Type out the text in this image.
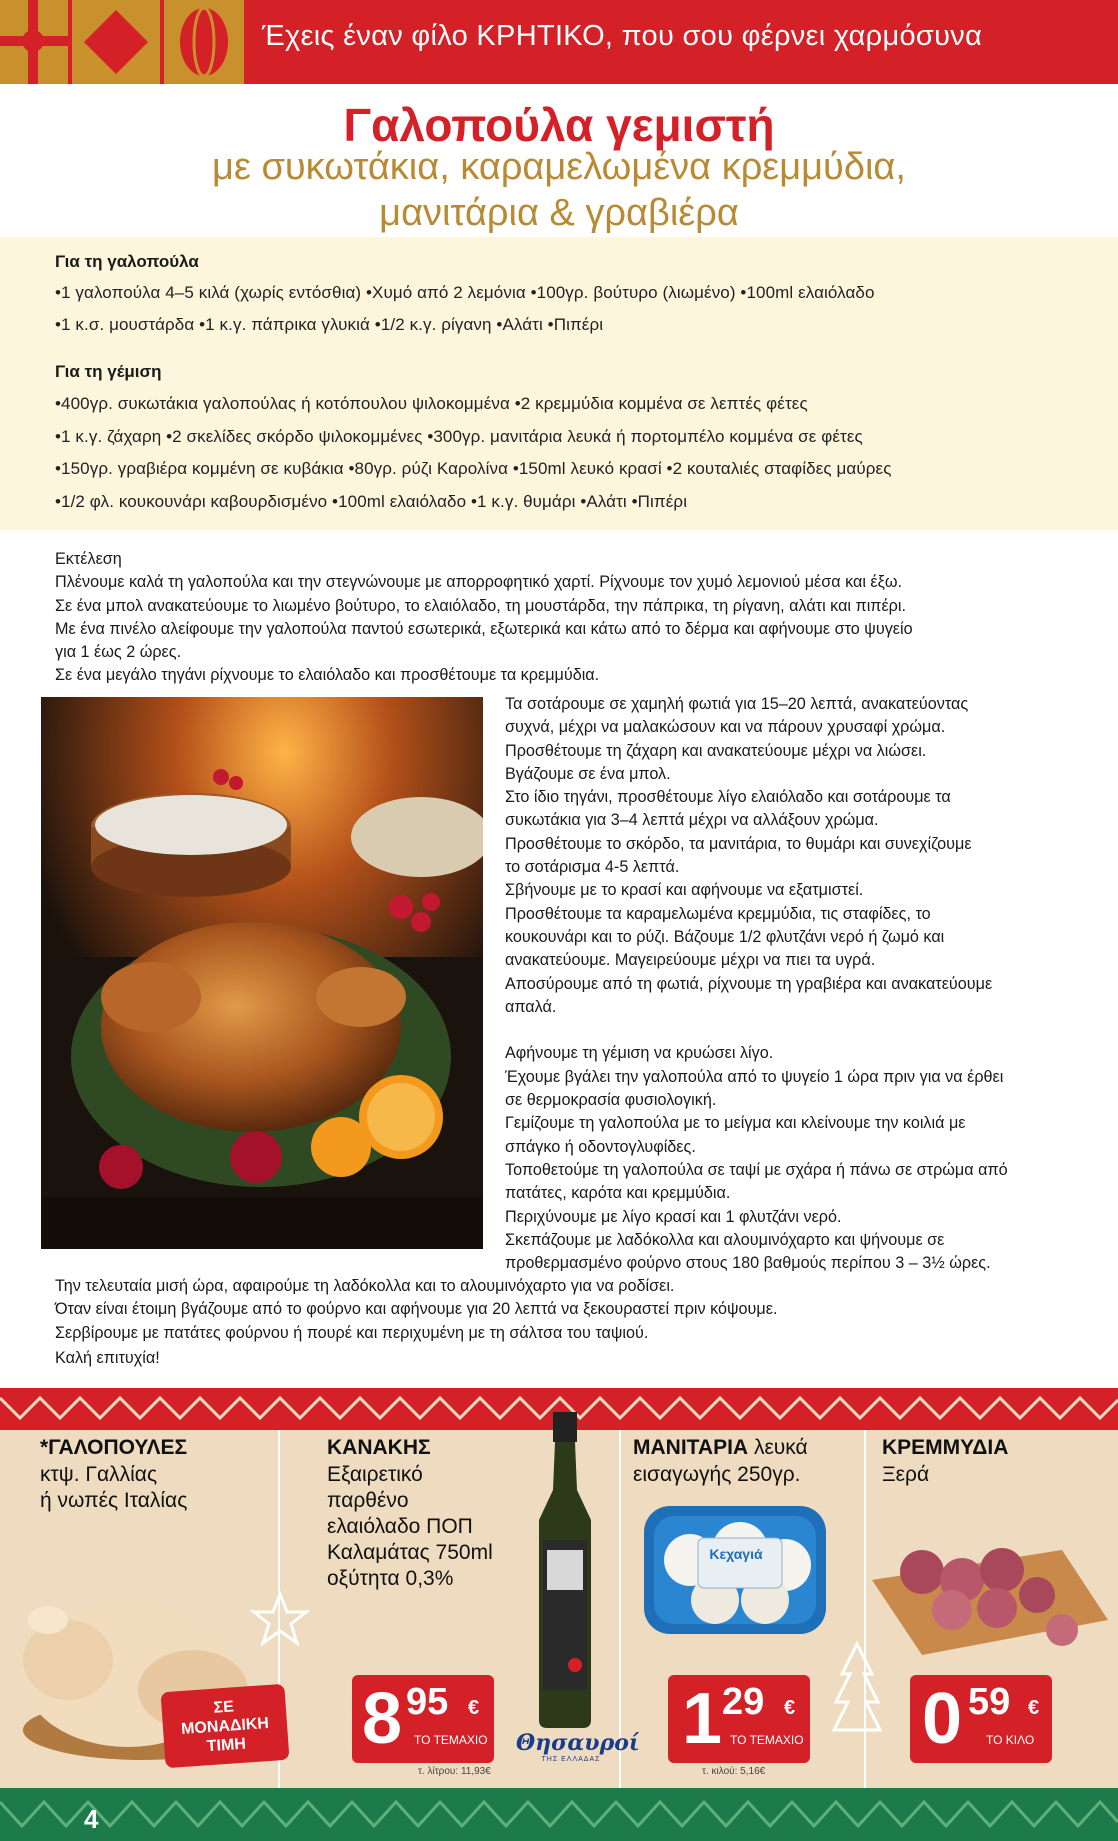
Έχεις έναν φίλο ΚΡΗΤΙΚΟ, που σου φέρνει χαρμόσυνα
Γαλοπούλα γεμιστή
με συκωτάκια, καραμελωμένα κρεμμύδια,
μανιτάρια & γραβιέρα
Για τη γαλοπούλα
•1 γαλοπούλα 4–5 κιλά (χωρίς εντόσθια) •Χυμό από 2 λεμόνια •100γρ. βούτυρο (λιωμένο) •100ml ελαιόλαδο
•1 κ.σ. μουστάρδα •1 κ.γ. πάπρικα γλυκιά •1/2 κ.γ. ρίγανη •Αλάτι •Πιπέρι
Για τη γέμιση
•400γρ. συκωτάκια γαλοπούλας ή κοτόπουλου ψιλοκομμένα •2 κρεμμύδια κομμένα σε λεπτές φέτες
•1 κ.γ. ζάχαρη •2 σκελίδες σκόρδο ψιλοκομμένες •300γρ. μανιτάρια λευκά ή πορτομπέλο κομμένα σε φέτες
•150γρ. γραβιέρα κομμένη σε κυβάκια •80γρ. ρύζι Καρολίνα •150ml λευκό κρασί •2 κουταλιές σταφίδες μαύρες
•1/2 φλ. κουκουνάρι καβουρδισμένο •100ml ελαιόλαδο •1 κ.γ. θυμάρι •Αλάτι •Πιπέρι
Εκτέλεση
Πλένουμε καλά τη γαλοπούλα και την στεγνώνουμε με απορροφητικό χαρτί. Ρίχνουμε τον χυμό λεμονιού μέσα και έξω.
Σε ένα μπολ ανακατεύουμε το λιωμένο βούτυρο, το ελαιόλαδο, τη μουστάρδα, την πάπρικα, τη ρίγανη, αλάτι και πιπέρι.
Με ένα πινέλο αλείφουμε την γαλοπούλα παντού εσωτερικά, εξωτερικά και κάτω από το δέρμα και αφήνουμε στο ψυγείο
για 1 έως 2 ώρες.
Σε ένα μεγάλο τηγάνι ρίχνουμε το ελαιόλαδο και προσθέτουμε τα κρεμμύδια.
Τα σοτάρουμε σε χαμηλή φωτιά για 15–20 λεπτά, ανακατεύοντας
συχνά, μέχρι να μαλακώσουν και να πάρουν χρυσαφί χρώμα.
Προσθέτουμε τη ζάχαρη και ανακατεύουμε μέχρι να λιώσει.
Βγάζουμε σε ένα μπολ.
Στο ίδιο τηγάνι, προσθέτουμε λίγο ελαιόλαδο και σοτάρουμε τα
συκωτάκια για 3–4 λεπτά μέχρι να αλλάξουν χρώμα.
Προσθέτουμε το σκόρδο, τα μανιτάρια, το θυμάρι και συνεχίζουμε
το σοτάρισμα 4-5 λεπτά.
Σβήνουμε με το κρασί και αφήνουμε να εξατμιστεί.
Προσθέτουμε τα καραμελωμένα κρεμμύδια, τις σταφίδες, το
κουκουνάρι και το ρύζι. Βάζουμε 1/2 φλυτζάνι νερό ή ζωμό και
ανακατεύουμε. Μαγειρεύουμε μέχρι να πιει τα υγρά.
Αποσύρουμε από τη φωτιά, ρίχνουμε τη γραβιέρα και ανακατεύουμε
απαλά.
Αφήνουμε τη γέμιση να κρυώσει λίγο.
Έχουμε βγάλει την γαλοπούλα από το ψυγείο 1 ώρα πριν για να έρθει
σε θερμοκρασία φυσιολογική.
Γεμίζουμε τη γαλοπούλα με το μείγμα και κλείνουμε την κοιλιά με
σπάγκο ή οδοντογλυφίδες.
Τοποθετούμε τη γαλοπούλα σε ταψί με σχάρα ή πάνω σε στρώμα από
πατάτες, καρότα και κρεμμύδια.
Περιχύνουμε με λίγο κρασί και 1 φλυτζάνι νερό.
Σκεπάζουμε με λαδόκολλα και αλουμινόχαρτο και ψήνουμε σε
προθερμασμένο φούρνο στους 180 βαθμούς περίπου 3 – 3½ ώρες.
Την τελευταία μισή ώρα, αφαιρούμε τη λαδόκολλα και το αλουμινόχαρτο για να ροδίσει.
Όταν είναι έτοιμη βγάζουμε από το φούρνο και αφήνουμε για 20 λεπτά να ξεκουραστεί πριν κόψουμε.
Σερβίρουμε με πατάτες φούρνου ή πουρέ και περιχυμένη με τη σάλτσα του ταψιού.
Καλή επιτυχία!
*ΓΑΛΟΠΟΥΛΕΣ
κτψ. Γαλλίας
ή νωπές Ιταλίας
ΣΕ
ΜΟΝΑΔΙΚΗ
ΤΙΜΗ
ΚΑΝΑΚΗΣ
Εξαιρετικό
παρθένο
ελαιόλαδο ΠΟΠ
Καλαμάτας 750ml
οξύτητα 0,3%
8 95 €
ΤΟ ΤΕΜΑΧΙΟ
τ. λίτρου: 11,93€
Θησαυροί
ΤΗΣ ΕΛΛΑΔΑΣ
ΜΑΝΙΤΑΡΙΑ λευκά
εισαγωγής 250γρ.
Κεχαγιά
1 29 €
ΤΟ ΤΕΜΑΧΙΟ
τ. κιλού: 5,16€
ΚΡΕΜΜΥΔΙΑ
Ξερά
0 59 €
ΤΟ ΚΙΛΟ
4
